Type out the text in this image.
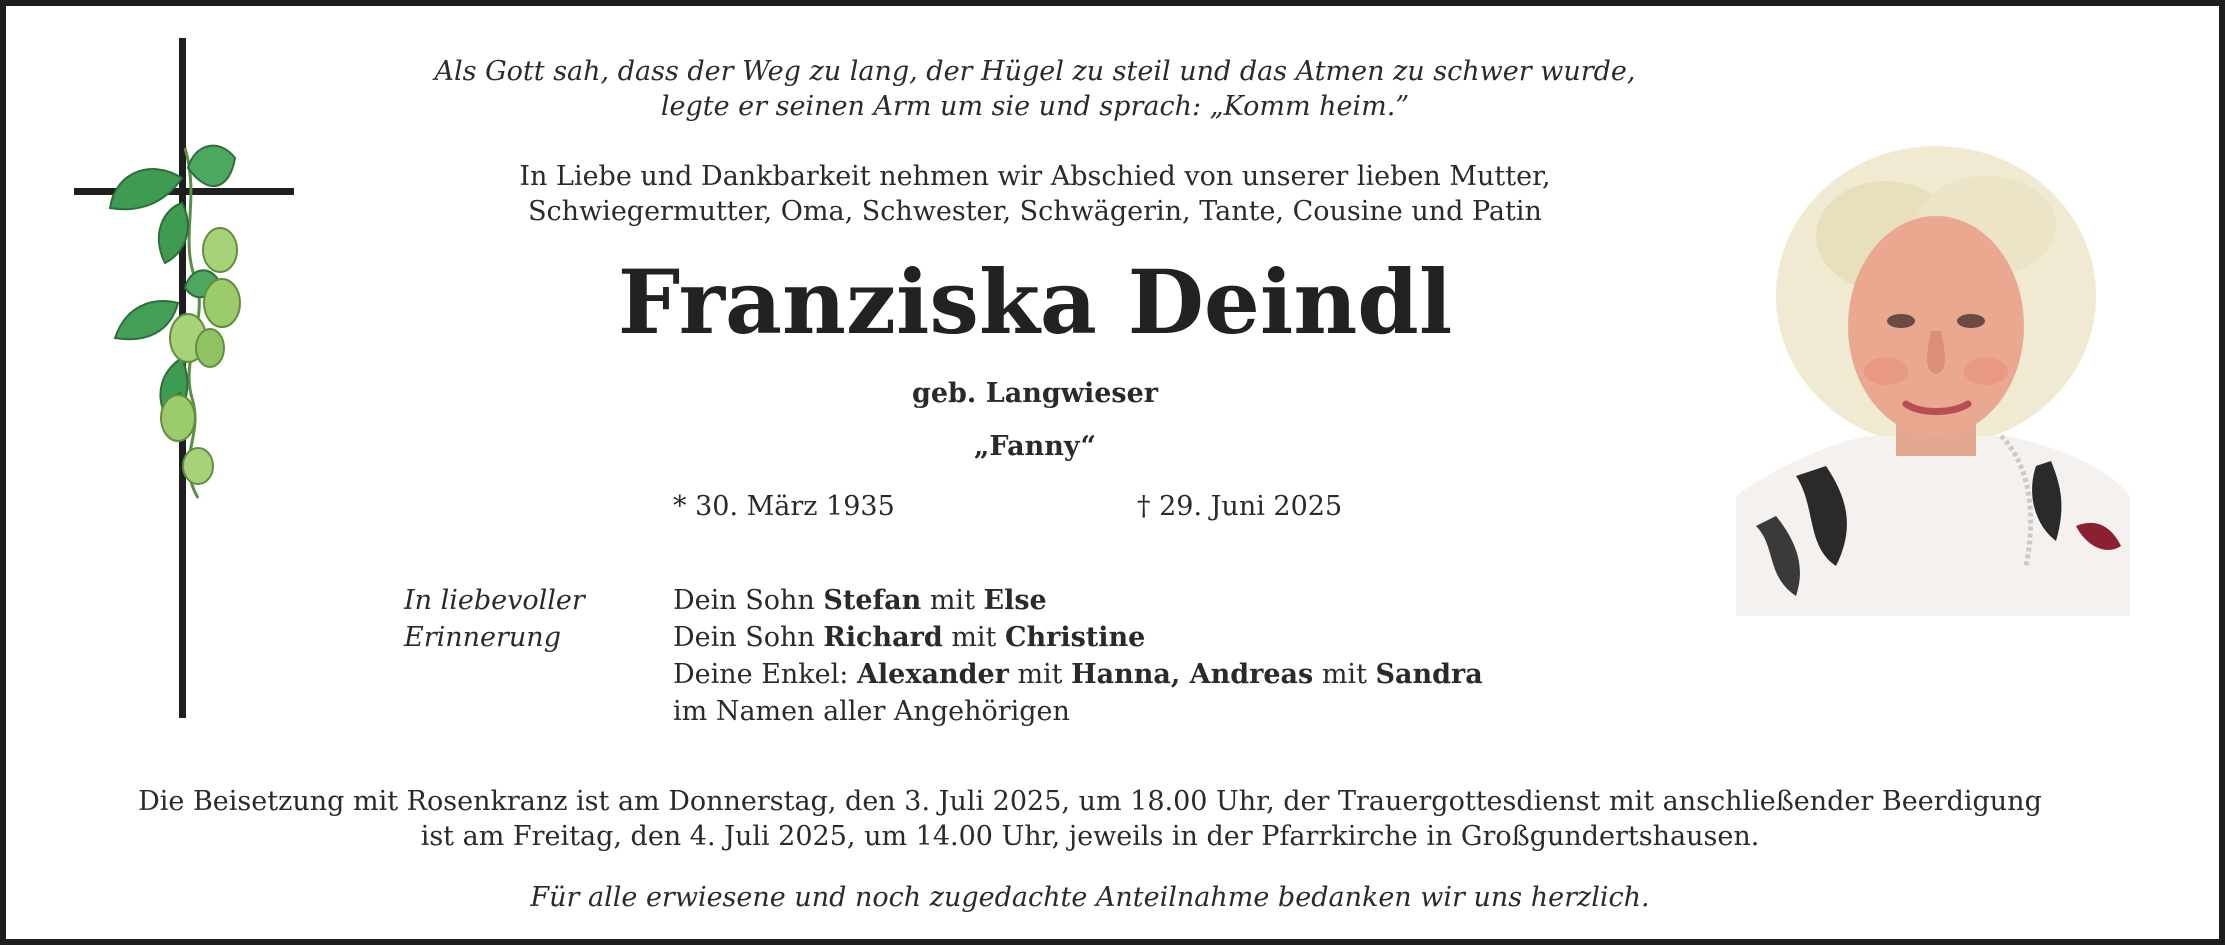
Als Gott sah, dass der Weg zu lang, der Hügel zu steil und das Atmen zu schwer wurde,
legte er seinen Arm um sie und sprach: „Komm heim.”
In Liebe und Dankbarkeit nehmen wir Abschied von unserer lieben Mutter,
Schwiegermutter, Oma, Schwester, Schwägerin, Tante, Cousine und Patin
Franziska Deindl
geb. Langwieser
„Fanny“
* 30. März 1935	† 29. Juni 2025
In liebevoller
Erinnerung
Dein Sohn Stefan mit Else
Dein Sohn Richard mit Christine
Deine Enkel: Alexander mit Hanna, Andreas mit Sandra
im Namen aller Angehörigen
Die Beisetzung mit Rosenkranz ist am Donnerstag, den 3. Juli 2025, um 18.00 Uhr, der Trauergottesdienst mit anschließender Beerdigung
ist am Freitag, den 4. Juli 2025, um 14.00 Uhr, jeweils in der Pfarrkirche in Großgundertshausen.
Für alle erwiesene und noch zugedachte Anteilnahme bedanken wir uns herzlich.
